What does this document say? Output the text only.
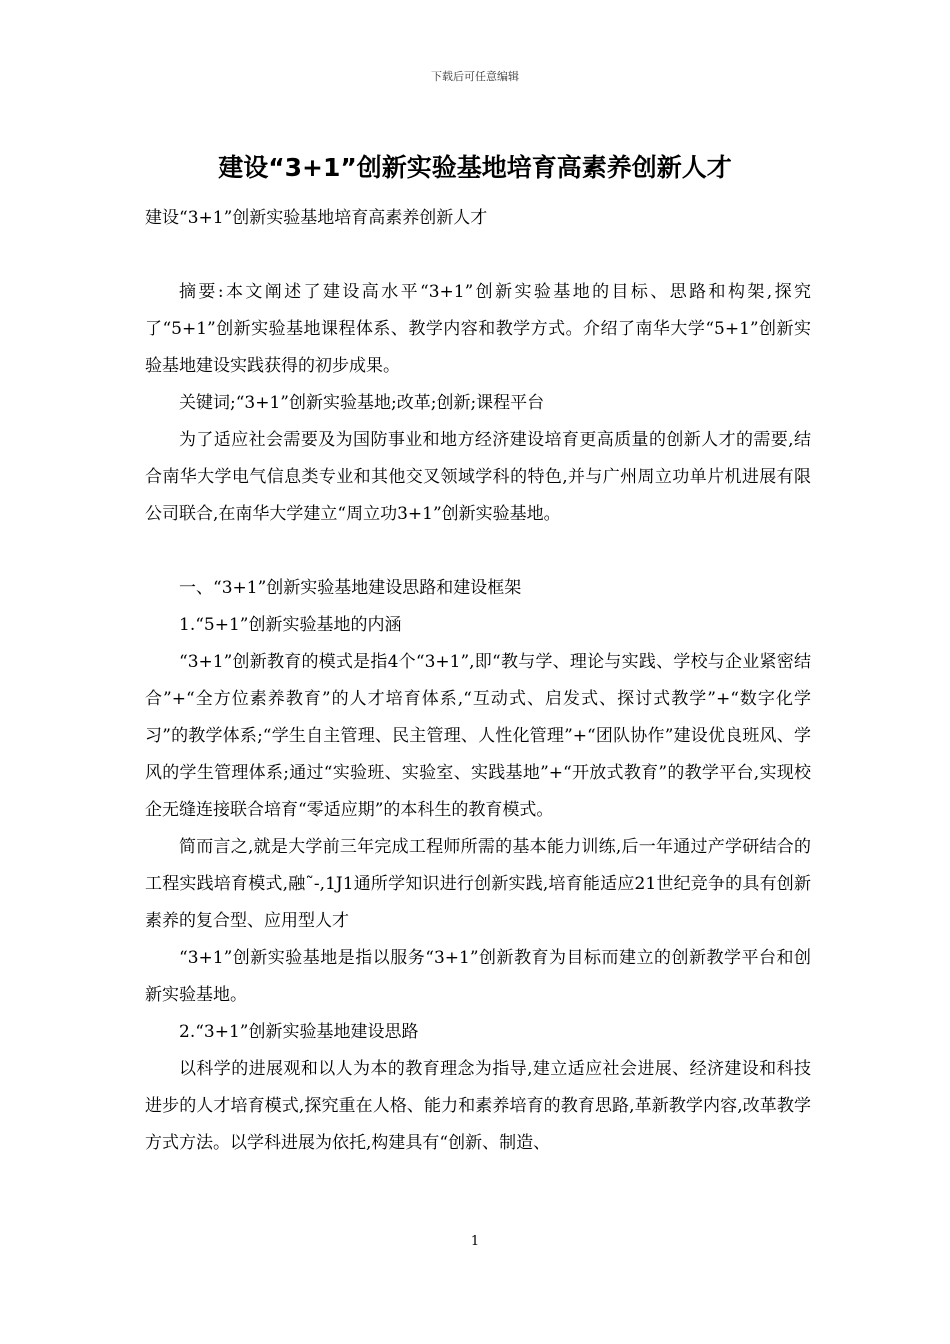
下载后可任意编辑
建设“3+1”创新实验基地培育高素养创新人才

建设“3+1”创新实验基地培育高素养创新人才

摘要:本文阐述了建设高水平“3+1”创新实验基地的目标、思路和构架,探究了“5+1”创新实验基地课程体系、教学内容和教学方式。介绍了南华大学“5+1”创新实验基地建设实践获得的初步成果。

关键词;“3+1”创新实验基地;改革;创新;课程平台

为了适应社会需要及为国防事业和地方经济建设培育更高质量的创新人才的需要,结合南华大学电气信息类专业和其他交叉领域学科的特色,并与广州周立功单片机进展有限公司联合,在南华大学建立“周立功3+1”创新实验基地。

一、“3+1”创新实验基地建设思路和建设框架

1.“5+1”创新实验基地的内涵

“3+1”创新教育的模式是指4个“3+1”,即“教与学、理论与实践、学校与企业紧密结合”+“全方位素养教育”的人才培育体系,“互动式、启发式、探讨式教学”+“数字化学习”的教学体系;“学生自主管理、民主管理、人性化管理”+“团队协作”建设优良班风、学风的学生管理体系;通过“实验班、实验室、实践基地”+“开放式教育”的教学平台,实现校企无缝连接联合培育“零适应期”的本科生的教育模式。

简而言之,就是大学前三年完成工程师所需的基本能力训练,后一年通过产学研结合的工程实践培育模式,融˜-,1J1通所学知识进行创新实践,培育能适应21世纪竞争的具有创新素养的复合型、应用型人才

“3+1”创新实验基地是指以服务“3+1”创新教育为目标而建立的创新教学平台和创新实验基地。

2.“3+1”创新实验基地建设思路

以科学的进展观和以人为本的教育理念为指导,建立适应社会进展、经济建设和科技进步的人才培育模式,探究重在人格、能力和素养培育的教育思路,革新教学内容,改革教学方式方法。以学科进展为依托,构建具有“创新、制造、

1
